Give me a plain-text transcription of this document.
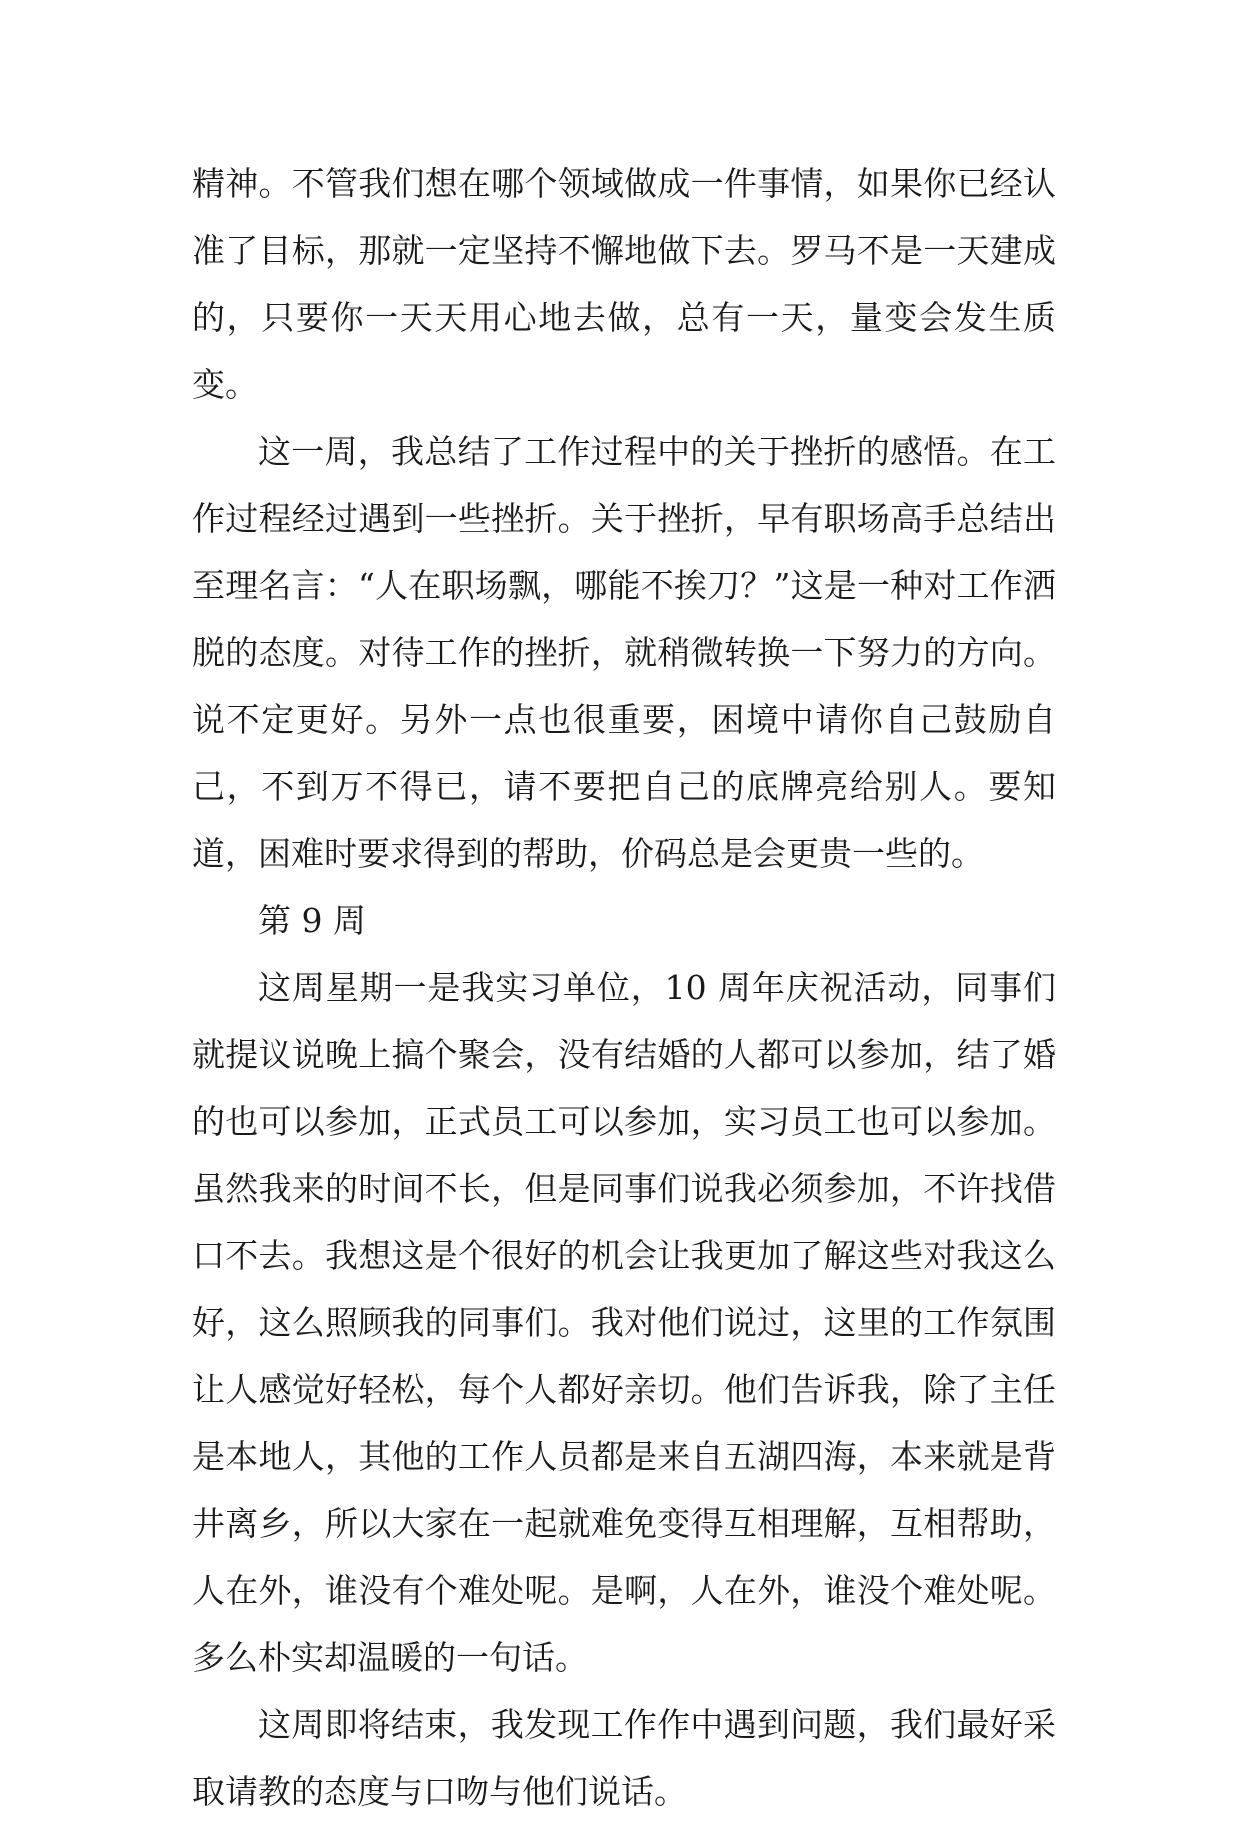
精神。不管我们想在哪个领域做成一件事情，如果你已经认准了目标，那就一定坚持不懈地做下去。罗马不是一天建成的，只要你一天天用心地去做，总有一天，量变会发生质变。

这一周，我总结了工作过程中的关于挫折的感悟。在工作过程经过遇到一些挫折。关于挫折，早有职场高手总结出至理名言：“人在职场飘，哪能不挨刀？”这是一种对工作洒脱的态度。对待工作的挫折，就稍微转换一下努力的方向。说不定更好。另外一点也很重要，困境中请你自己鼓励自己，不到万不得已，请不要把自己的底牌亮给别人。要知道，困难时要求得到的帮助，价码总是会更贵一些的。

第 9 周

这周星期一是我实习单位，10 周年庆祝活动，同事们就提议说晚上搞个聚会，没有结婚的人都可以参加，结了婚的也可以参加，正式员工可以参加，实习员工也可以参加。虽然我来的时间不长，但是同事们说我必须参加，不许找借口不去。我想这是个很好的机会让我更加了解这些对我这么好，这么照顾我的同事们。我对他们说过，这里的工作氛围让人感觉好轻松，每个人都好亲切。他们告诉我，除了主任是本地人，其他的工作人员都是来自五湖四海，本来就是背井离乡，所以大家在一起就难免变得互相理解，互相帮助，人在外，谁没有个难处呢。是啊，人在外，谁没个难处呢。多么朴实却温暖的一句话。

这周即将结束，我发现工作作中遇到问题，我们最好采取请教的态度与口吻与他们说话。
